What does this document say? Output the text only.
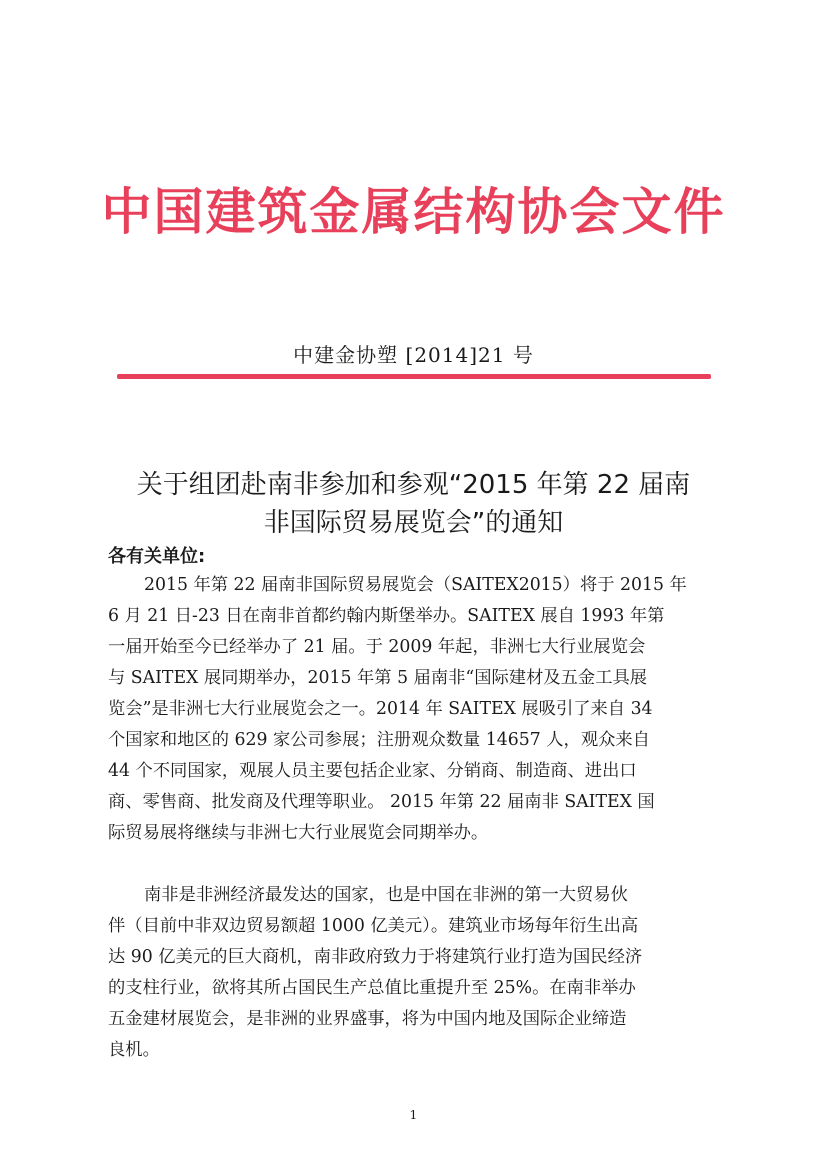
中国建筑金属结构协会文件
中建金协塑 [2014]21 号
关于组团赴南非参加和参观“2015 年第 22 届南
非国际贸易展览会”的通知
各有关单位:
2015 年第 22 届南非国际贸易展览会（SAITEX2015）将于 2015 年
6 月 21 日-23 日在南非首都约翰内斯堡举办。SAITEX 展自 1993 年第
一届开始至今已经举办了 21 届。于 2009 年起，非洲七大行业展览会
与 SAITEX 展同期举办，2015 年第 5 届南非“国际建材及五金工具展
览会”是非洲七大行业展览会之一。2014 年 SAITEX 展吸引了来自 34
个国家和地区的 629 家公司参展；注册观众数量 14657 人，观众来自
44 个不同国家，观展人员主要包括企业家、分销商、制造商、进出口
商、零售商、批发商及代理等职业。 2015 年第 22 届南非 SAITEX 国
际贸易展将继续与非洲七大行业展览会同期举办。
南非是非洲经济最发达的国家，也是中国在非洲的第一大贸易伙
伴（目前中非双边贸易额超 1000 亿美元）。建筑业市场每年衍生出高
达 90 亿美元的巨大商机，南非政府致力于将建筑行业打造为国民经济
的支柱行业，欲将其所占国民生产总值比重提升至 25%。在南非举办
五金建材展览会，是非洲的业界盛事，将为中国内地及国际企业缔造
良机。
1
